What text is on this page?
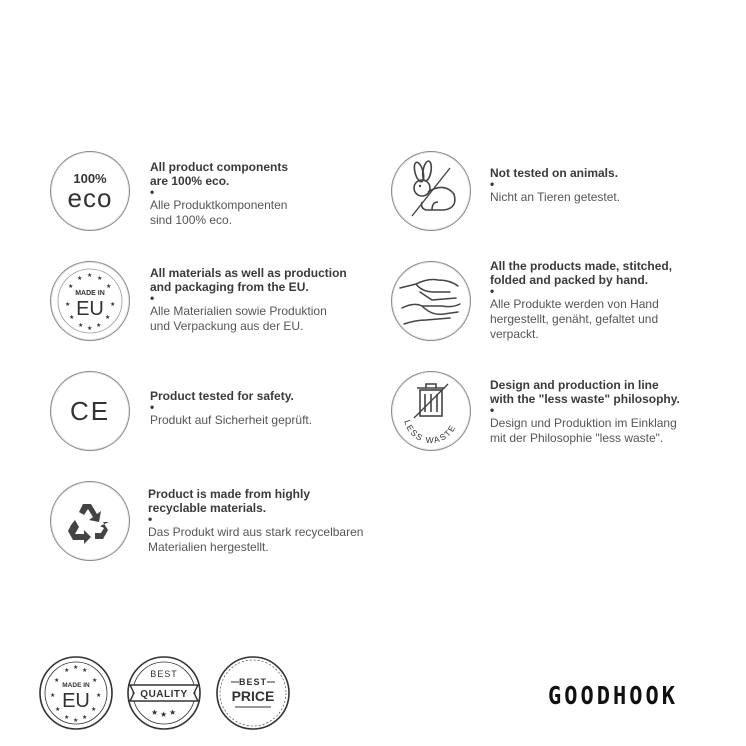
100%
eco
All product components
are 100% eco.
•
Alle Produktkomponenten
sind 100% eco.
★ ★ ★
★	★
★	★
★	★
★ ★ ★
MADE IN
EU
All materials as well as production
and packaging from the EU.
•
Alle Materialien sowie Produktion
und Verpackung aus der EU.
CE	Product tested for safety.
•
Produkt auf Sicherheit geprüft.
Product is made from highly
recyclable materials.
•
Das Produkt wird aus stark recycelbaren
Materialien hergestellt.
Not tested on animals.
•
Nicht an Tieren getestet.
All the products made, stitched,
folded and packed by hand.
•
Alle Produkte werden von Hand
hergestellt, genäht, gefaltet und
verpackt.
LESS WASTE
Design and production in line
with the "less waste" philosophy.
•
Design und Produktion im Einklang
mit der Philosophie "less waste".
★ ★ ★
★	★
★	★
★	★
★ ★ ★
MADE IN
EU
BEST
QUALITY
★ ★ ★
BEST
PRICE	GOODHOOK
